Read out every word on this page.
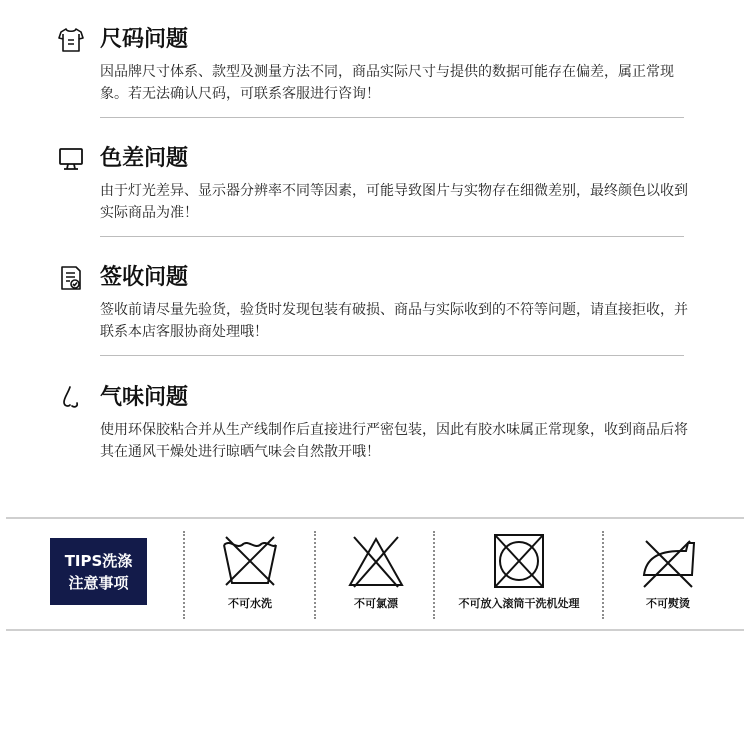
尺码问题
因品牌尺寸体系、款型及测量方法不同，商品实际尺寸与提供的数据可能存在偏差，属正常现象。若无法确认尺码，可联系客服进行咨询！
色差问题
由于灯光差异、显示器分辨率不同等因素，可能导致图片与实物存在细微差别，最终颜色以收到实际商品为准！
签收问题
签收前请尽量先验货，验货时发现包装有破损、商品与实际收到的不符等问题，请直接拒收，并联系本店客服协商处理哦！
气味问题
使用环保胶粘合并从生产线制作后直接进行严密包装，因此有胶水味属正常现象，收到商品后将其在通风干燥处进行晾晒气味会自然散开哦！
TIPS洗涤
注意事项
不可水洗	不可氯漂	不可放入滚筒干洗机处理	不可熨烫
